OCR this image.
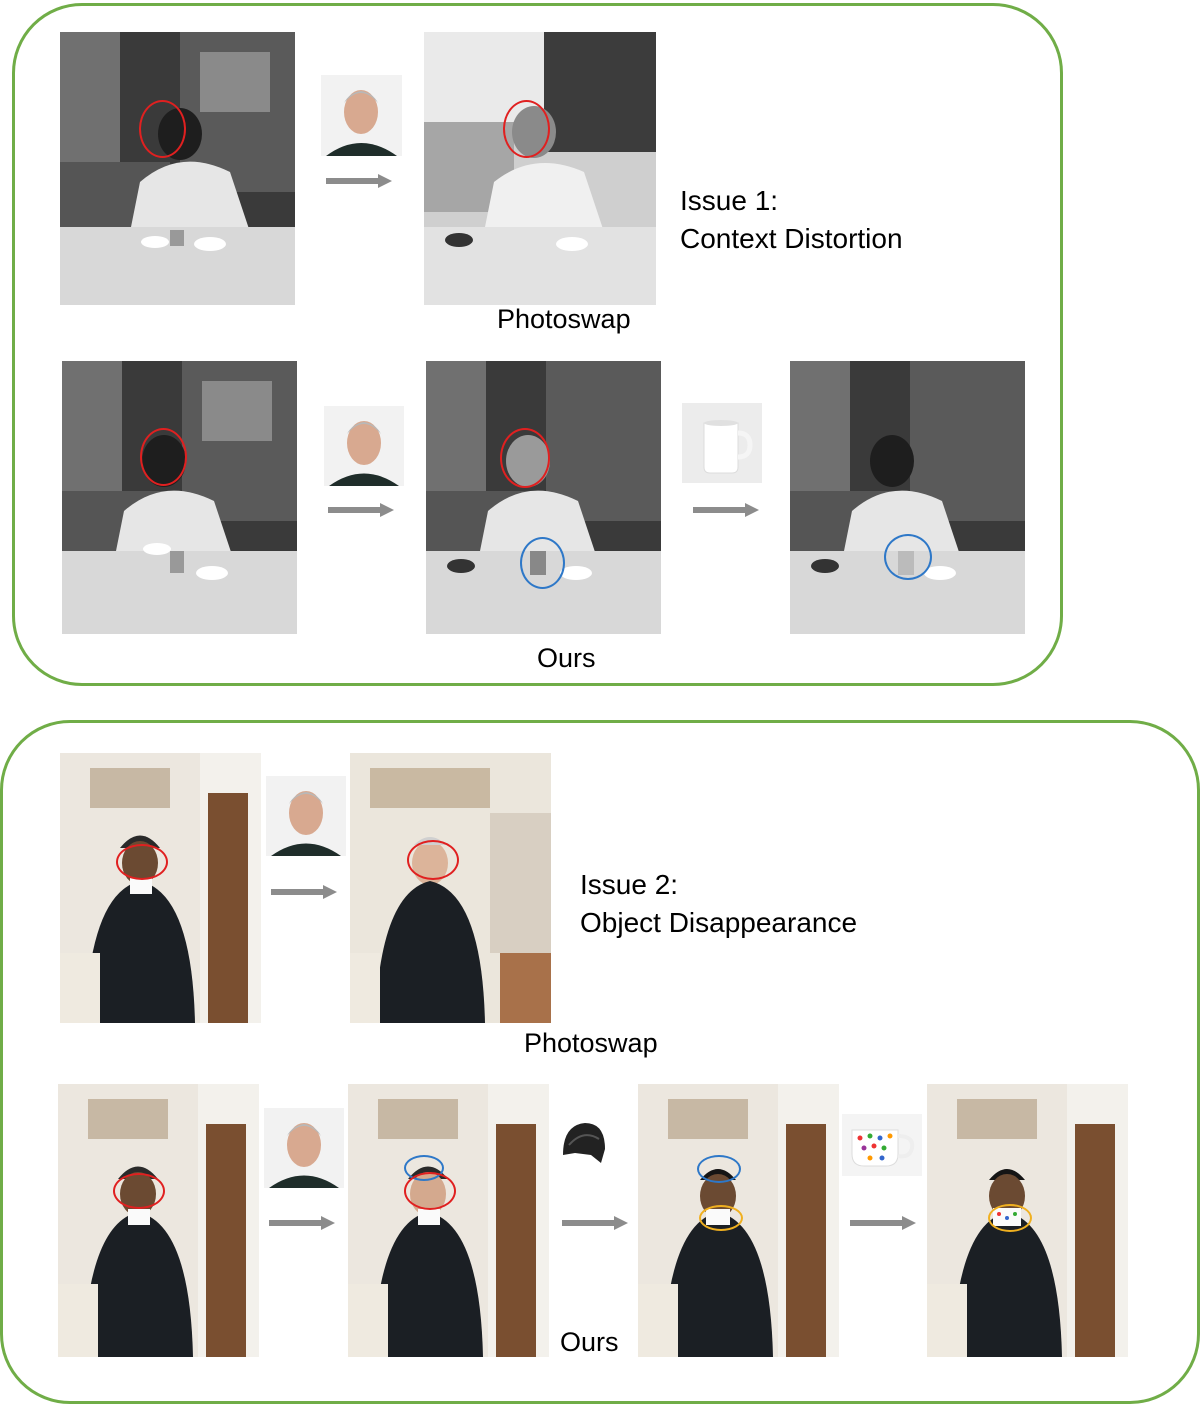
Photoswap
Issue 1:
Context Distortion
Ours
Issue 2:
Object Disappearance
Photoswap
Ours
